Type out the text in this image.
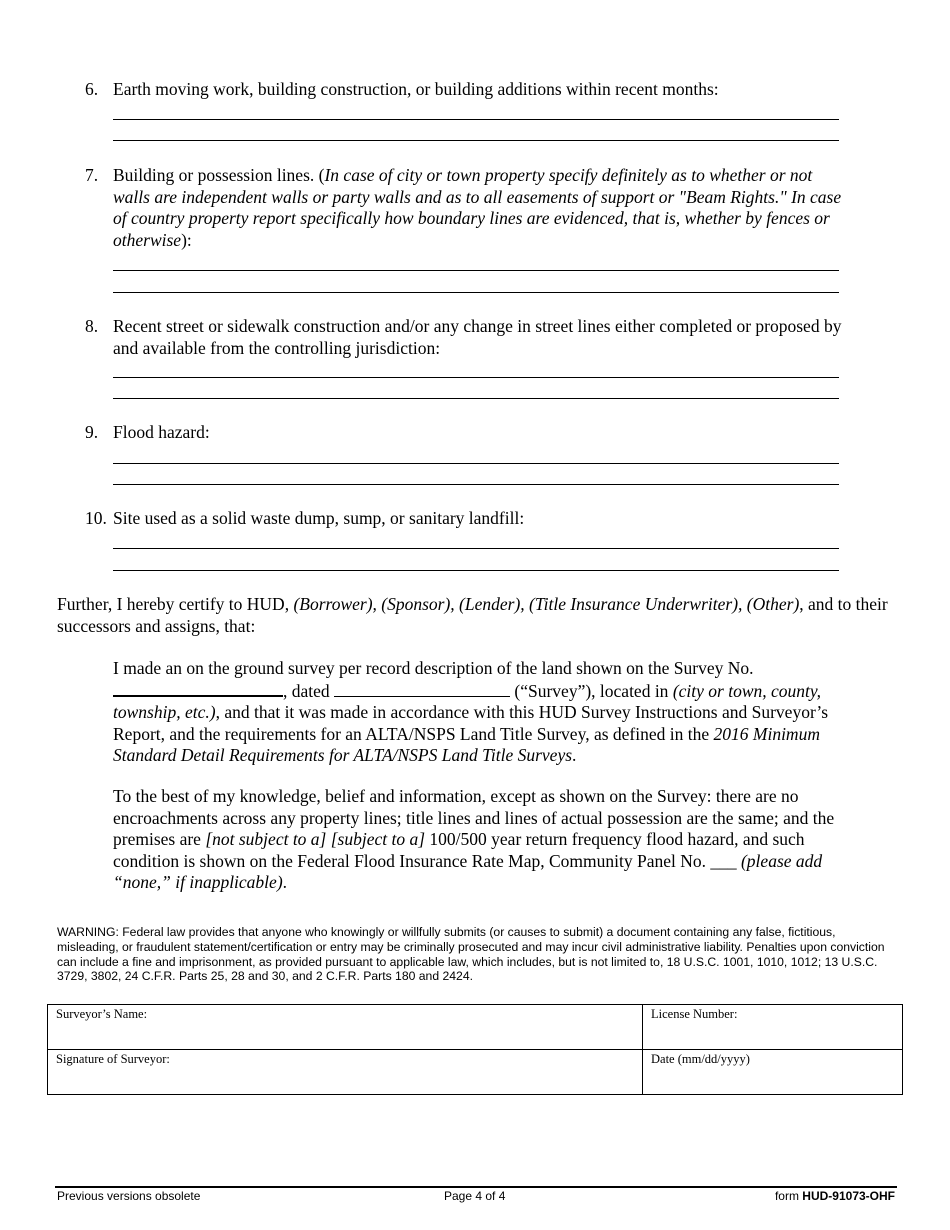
6. Earth moving work, building construction, or building additions within recent months:
7. Building or possession lines. (In case of city or town property specify definitely as to whether or not walls are independent walls or party walls and as to all easements of support or "Beam Rights." In case of country property report specifically how boundary lines are evidenced, that is, whether by fences or otherwise):
8. Recent street or sidewalk construction and/or any change in street lines either completed or proposed by and available from the controlling jurisdiction:
9. Flood hazard:
10. Site used as a solid waste dump, sump, or sanitary landfill:
Further, I hereby certify to HUD, (Borrower), (Sponsor), (Lender), (Title Insurance Underwriter), (Other), and to their successors and assigns, that:
I made an on the ground survey per record description of the land shown on the Survey No. , dated	(“Survey”), located in (city or town, county, township, etc.), and that it was made in accordance with this HUD Survey Instructions and Surveyor’s Report, and the requirements for an ALTA/NSPS Land Title Survey, as defined in the 2016 Minimum Standard Detail Requirements for ALTA/NSPS Land Title Surveys.
To the best of my knowledge, belief and information, except as shown on the Survey: there are no encroachments across any property lines; title lines and lines of actual possession are the same; and the premises are [not subject to a] [subject to a] 100/500 year return frequency flood hazard, and such condition is shown on the Federal Flood Insurance Rate Map, Community Panel No. ___ (please add “none,” if inapplicable).
WARNING: Federal law provides that anyone who knowingly or willfully submits (or causes to submit) a document containing any false, fictitious, misleading, or fraudulent statement/certification or entry may be criminally prosecuted and may incur civil administrative liability. Penalties upon conviction can include a fine and imprisonment, as provided pursuant to applicable law, which includes, but is not limited to, 18 U.S.C. 1001, 1010, 1012; 13 U.S.C. 3729, 3802, 24 C.F.R. Parts 25, 28 and 30, and 2 C.F.R. Parts 180 and 2424.
Surveyor’s Name:	License Number:
Signature of Surveyor:	Date (mm/dd/yyyy)
Previous versions obsolete	Page 4 of 4	form HUD-91073-OHF
